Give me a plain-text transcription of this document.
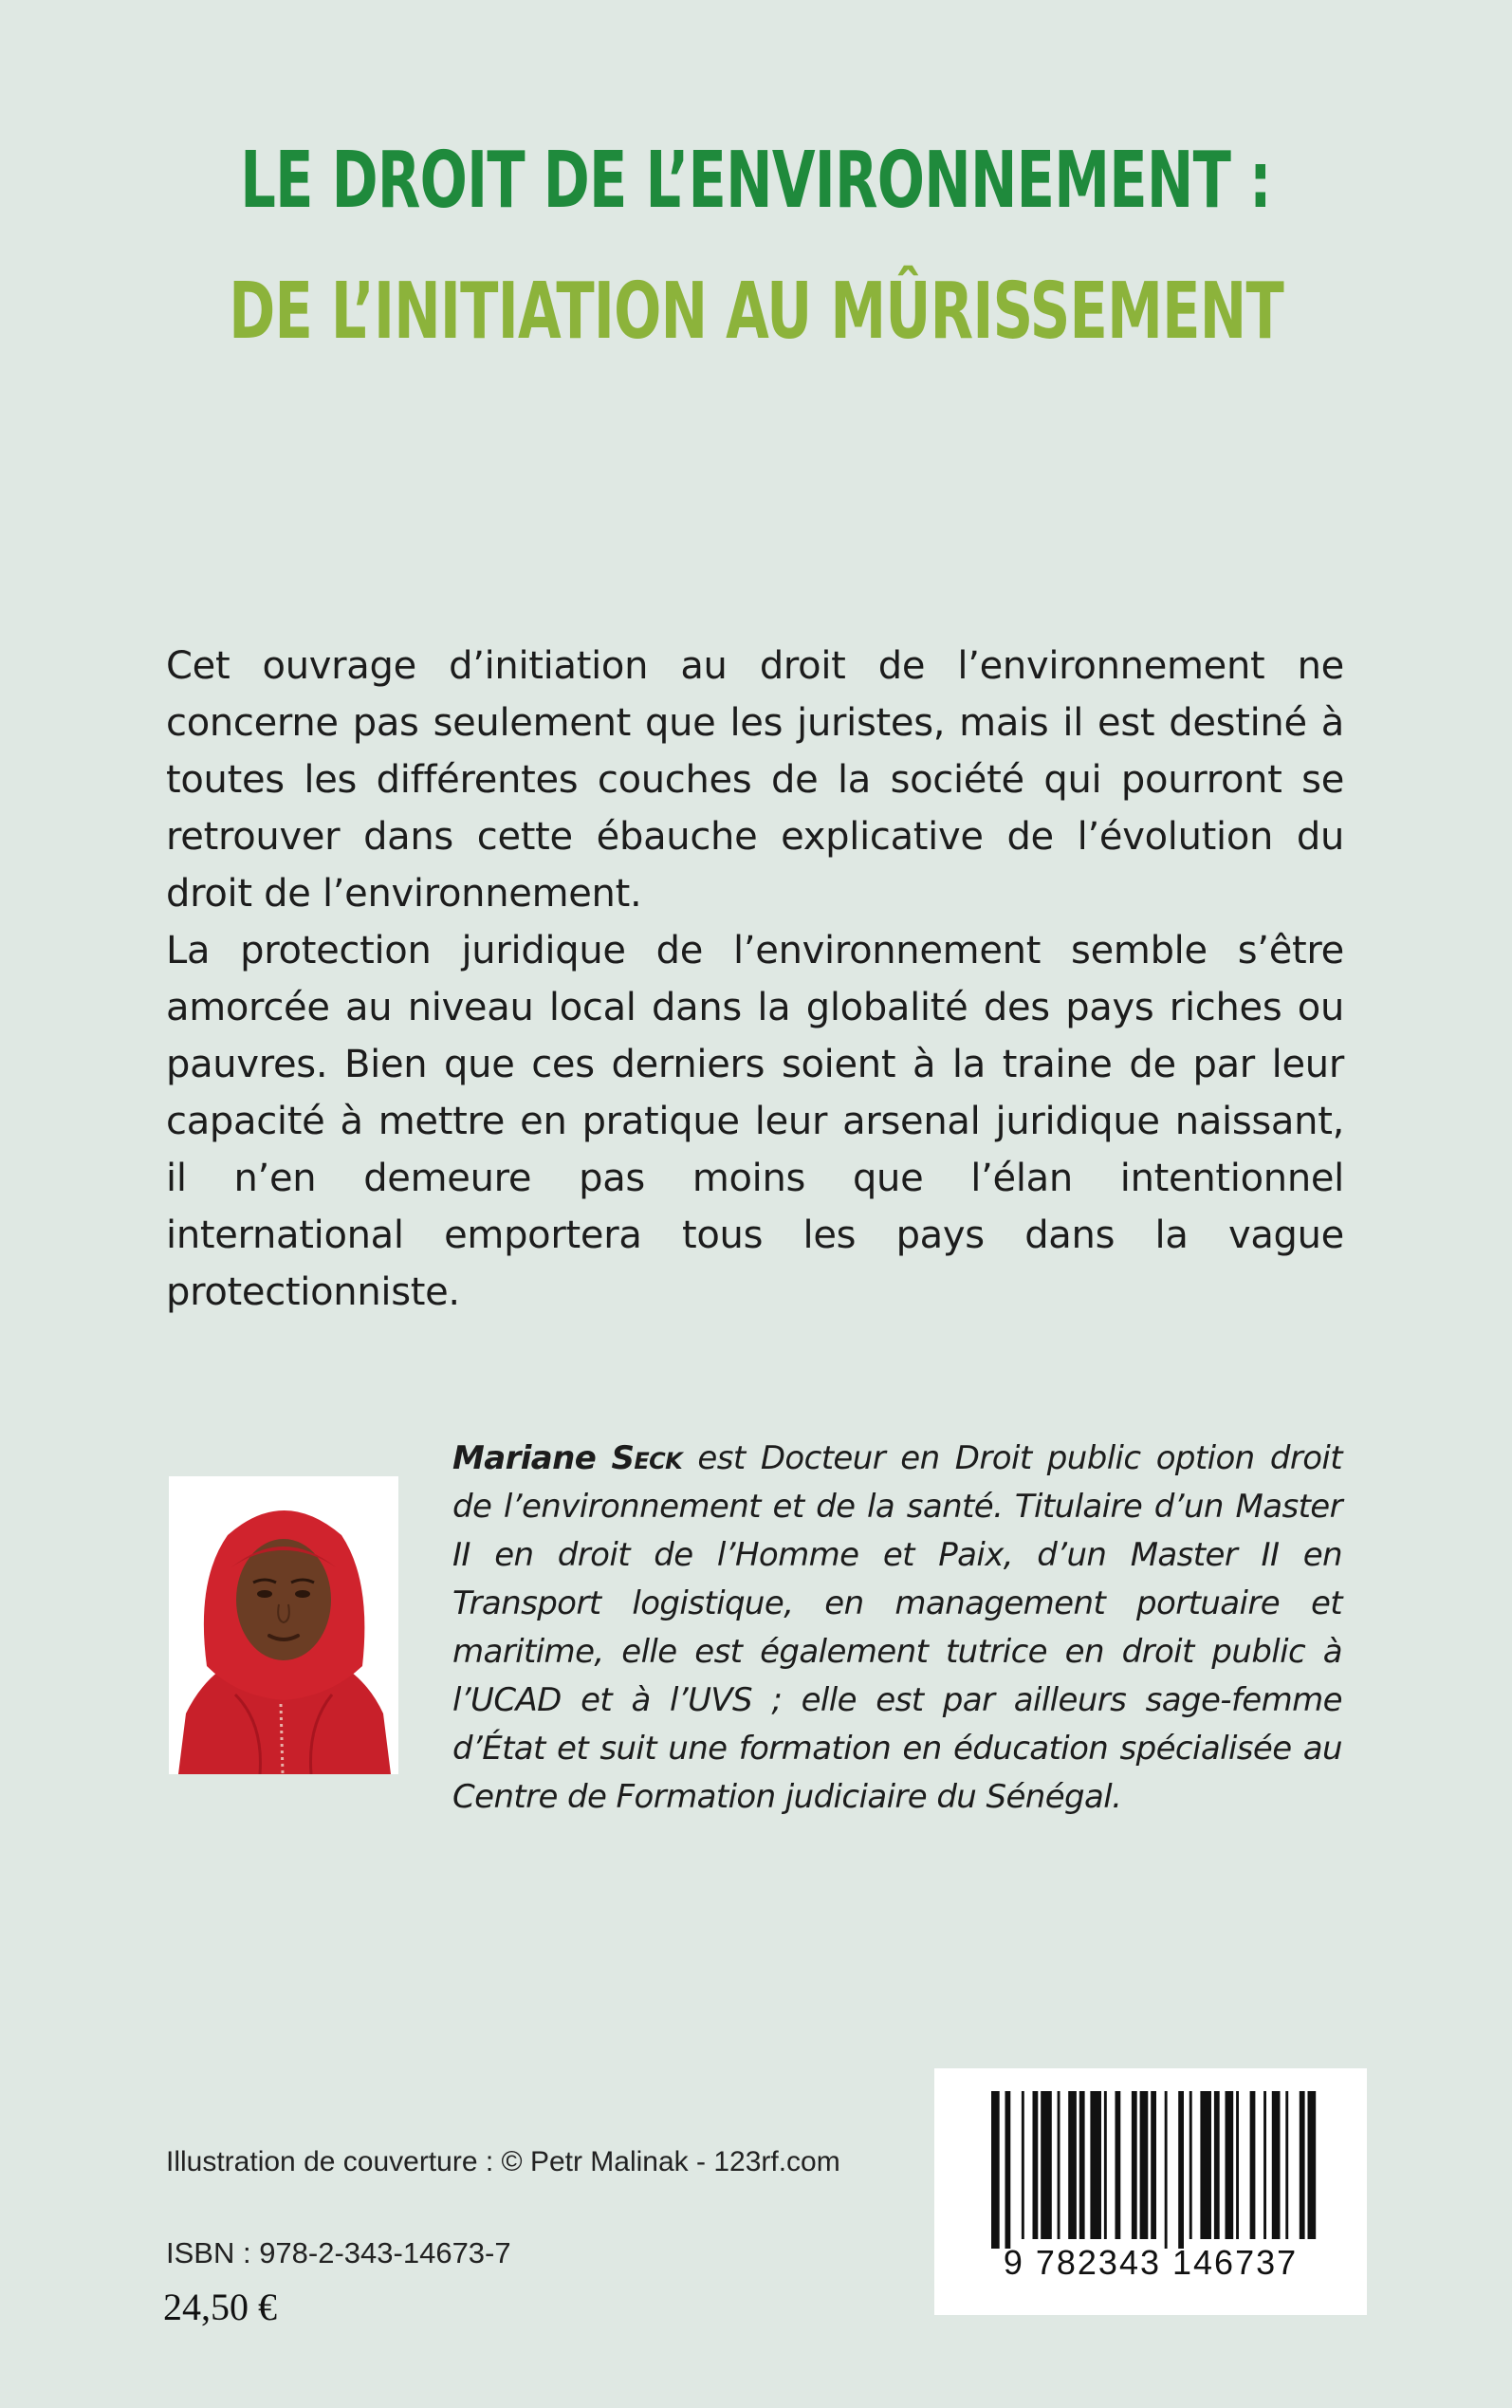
LE DROIT DE L’ENVIRONNEMENT :
DE L’INITIATION AU MÛRISSEMENT

Cet ouvrage d’initiation au droit de l’environnement ne concerne pas seulement que les juristes, mais il est destiné à toutes les différentes couches de la société qui pourront se retrouver dans cette ébauche explicative de l’évolution du droit de l’environnement.

La protection juridique de l’environnement semble s’être amorcée au niveau local dans la globalité des pays riches ou pauvres. Bien que ces derniers soient à la traine de par leur capacité à mettre en pratique leur arsenal juridique naissant, il n’en demeure pas moins que l’élan intentionnel international emportera tous les pays dans la vague protectionniste.

Mariane Seck est Docteur en Droit public option droit de l’environnement et de la santé. Titulaire d’un Master II en droit de l’Homme et Paix, d’un Master II en Transport logistique, en management portuaire et maritime, elle est également tutrice en droit public à l’UCAD et à l’UVS ; elle est par ailleurs sage-femme d’État et suit une formation en éducation spécialisée au Centre de Formation judiciaire du Sénégal.
Illustration de couverture : © Petr Malinak - 123rf.com
ISBN : 978-2-343-14673-7
24,50 €
9 782343 146737
